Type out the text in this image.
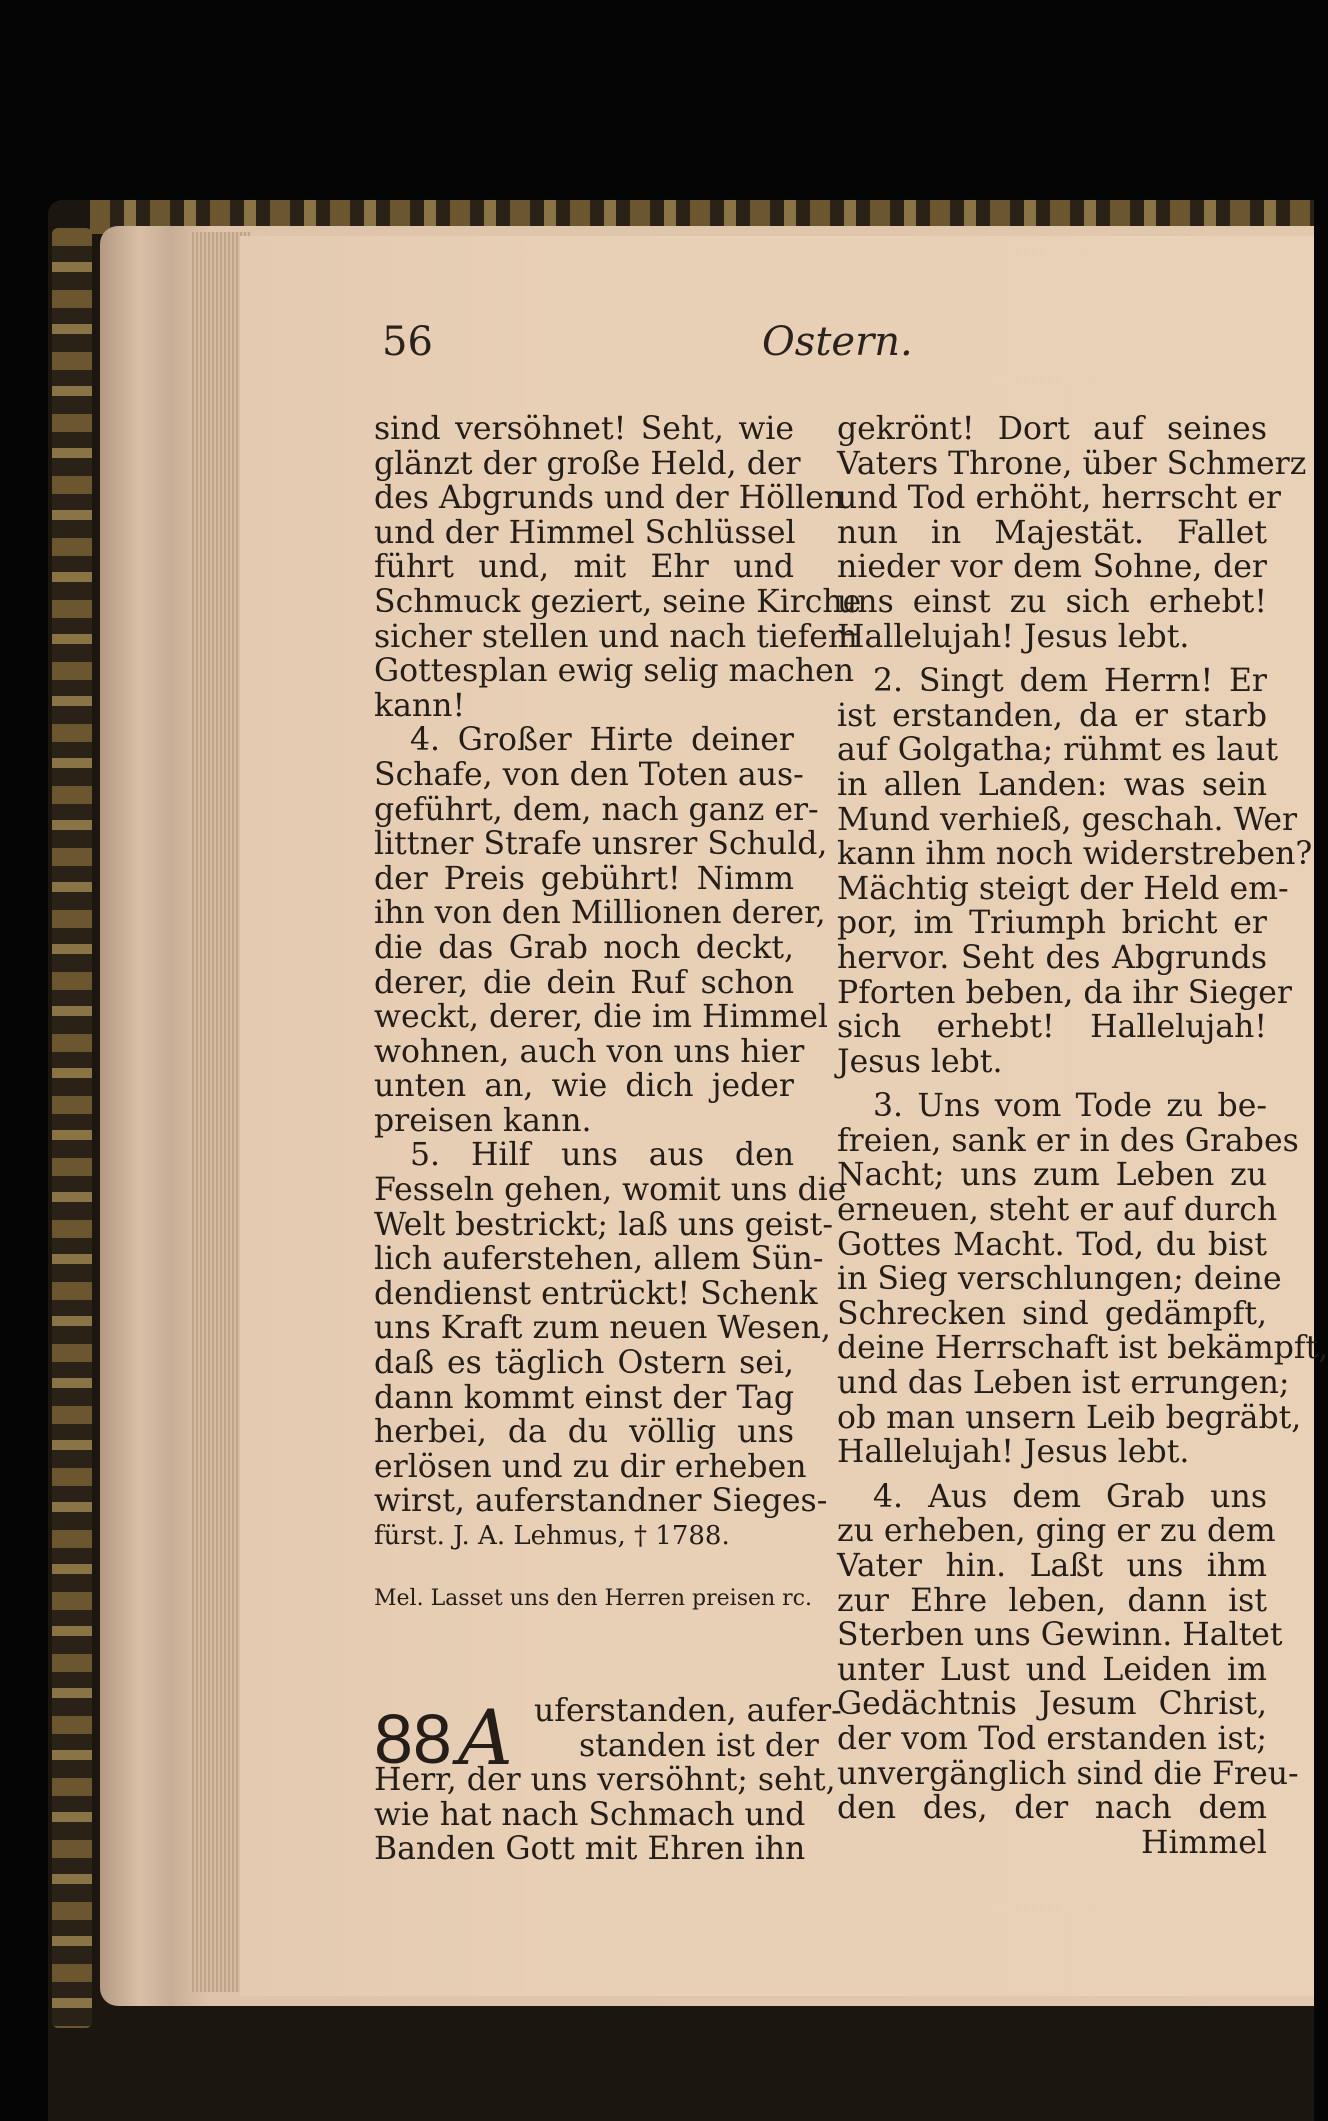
56	Ostern.

sind versöhnet! Seht, wie

glänzt der große Held, der

des Abgrunds und der Höllen

und der Himmel Schlüssel

führt und, mit Ehr und

Schmuck geziert, seine Kirche

sicher stellen und nach tiefem

Gottesplan ewig selig machen

kann!

4. Großer Hirte deiner

Schafe, von den Toten aus-

geführt, dem, nach ganz er-

littner Strafe unsrer Schuld,

der Preis gebührt! Nimm

ihn von den Millionen derer,

die das Grab noch deckt,

derer, die dein Ruf schon

weckt, derer, die im Himmel

wohnen, auch von uns hier

unten an, wie dich jeder

preisen kann.

5. Hilf uns aus den

Fesseln gehen, womit uns die

Welt bestrickt; laß uns geist-

lich auferstehen, allem Sün-

dendienst entrückt! Schenk

uns Kraft zum neuen Wesen,

daß es täglich Ostern sei,

dann kommt einst der Tag

herbei, da du völlig uns

erlösen und zu dir erheben

wirst, auferstandner Sieges-

fürst. J. A. Lehmus, † 1788.

Mel. Lasset uns den Herren preisen rc.

88 A uferstanden, aufer-

standen ist der

Herr, der uns versöhnt; seht,

wie hat nach Schmach und

Banden Gott mit Ehren ihn

gekrönt! Dort auf seines

Vaters Throne, über Schmerz

und Tod erhöht, herrscht er

nun in Majestät. Fallet

nieder vor dem Sohne, der

uns einst zu sich erhebt!

Hallelujah! Jesus lebt.

2. Singt dem Herrn! Er

ist erstanden, da er starb

auf Golgatha; rühmt es laut

in allen Landen: was sein

Mund verhieß, geschah. Wer

kann ihm noch widerstreben?

Mächtig steigt der Held em-

por, im Triumph bricht er

hervor. Seht des Abgrunds

Pforten beben, da ihr Sieger

sich erhebt! Hallelujah!

Jesus lebt.

3. Uns vom Tode zu be-

freien, sank er in des Grabes

Nacht; uns zum Leben zu

erneuen, steht er auf durch

Gottes Macht. Tod, du bist

in Sieg verschlungen; deine

Schrecken sind gedämpft,

deine Herrschaft ist bekämpft,

und das Leben ist errungen;

ob man unsern Leib begräbt,

Hallelujah! Jesus lebt.

4. Aus dem Grab uns

zu erheben, ging er zu dem

Vater hin. Laßt uns ihm

zur Ehre leben, dann ist

Sterben uns Gewinn. Haltet

unter Lust und Leiden im

Gedächtnis Jesum Christ,

der vom Tod erstanden ist;

unvergänglich sind die Freu-

den des, der nach dem

Himmel
